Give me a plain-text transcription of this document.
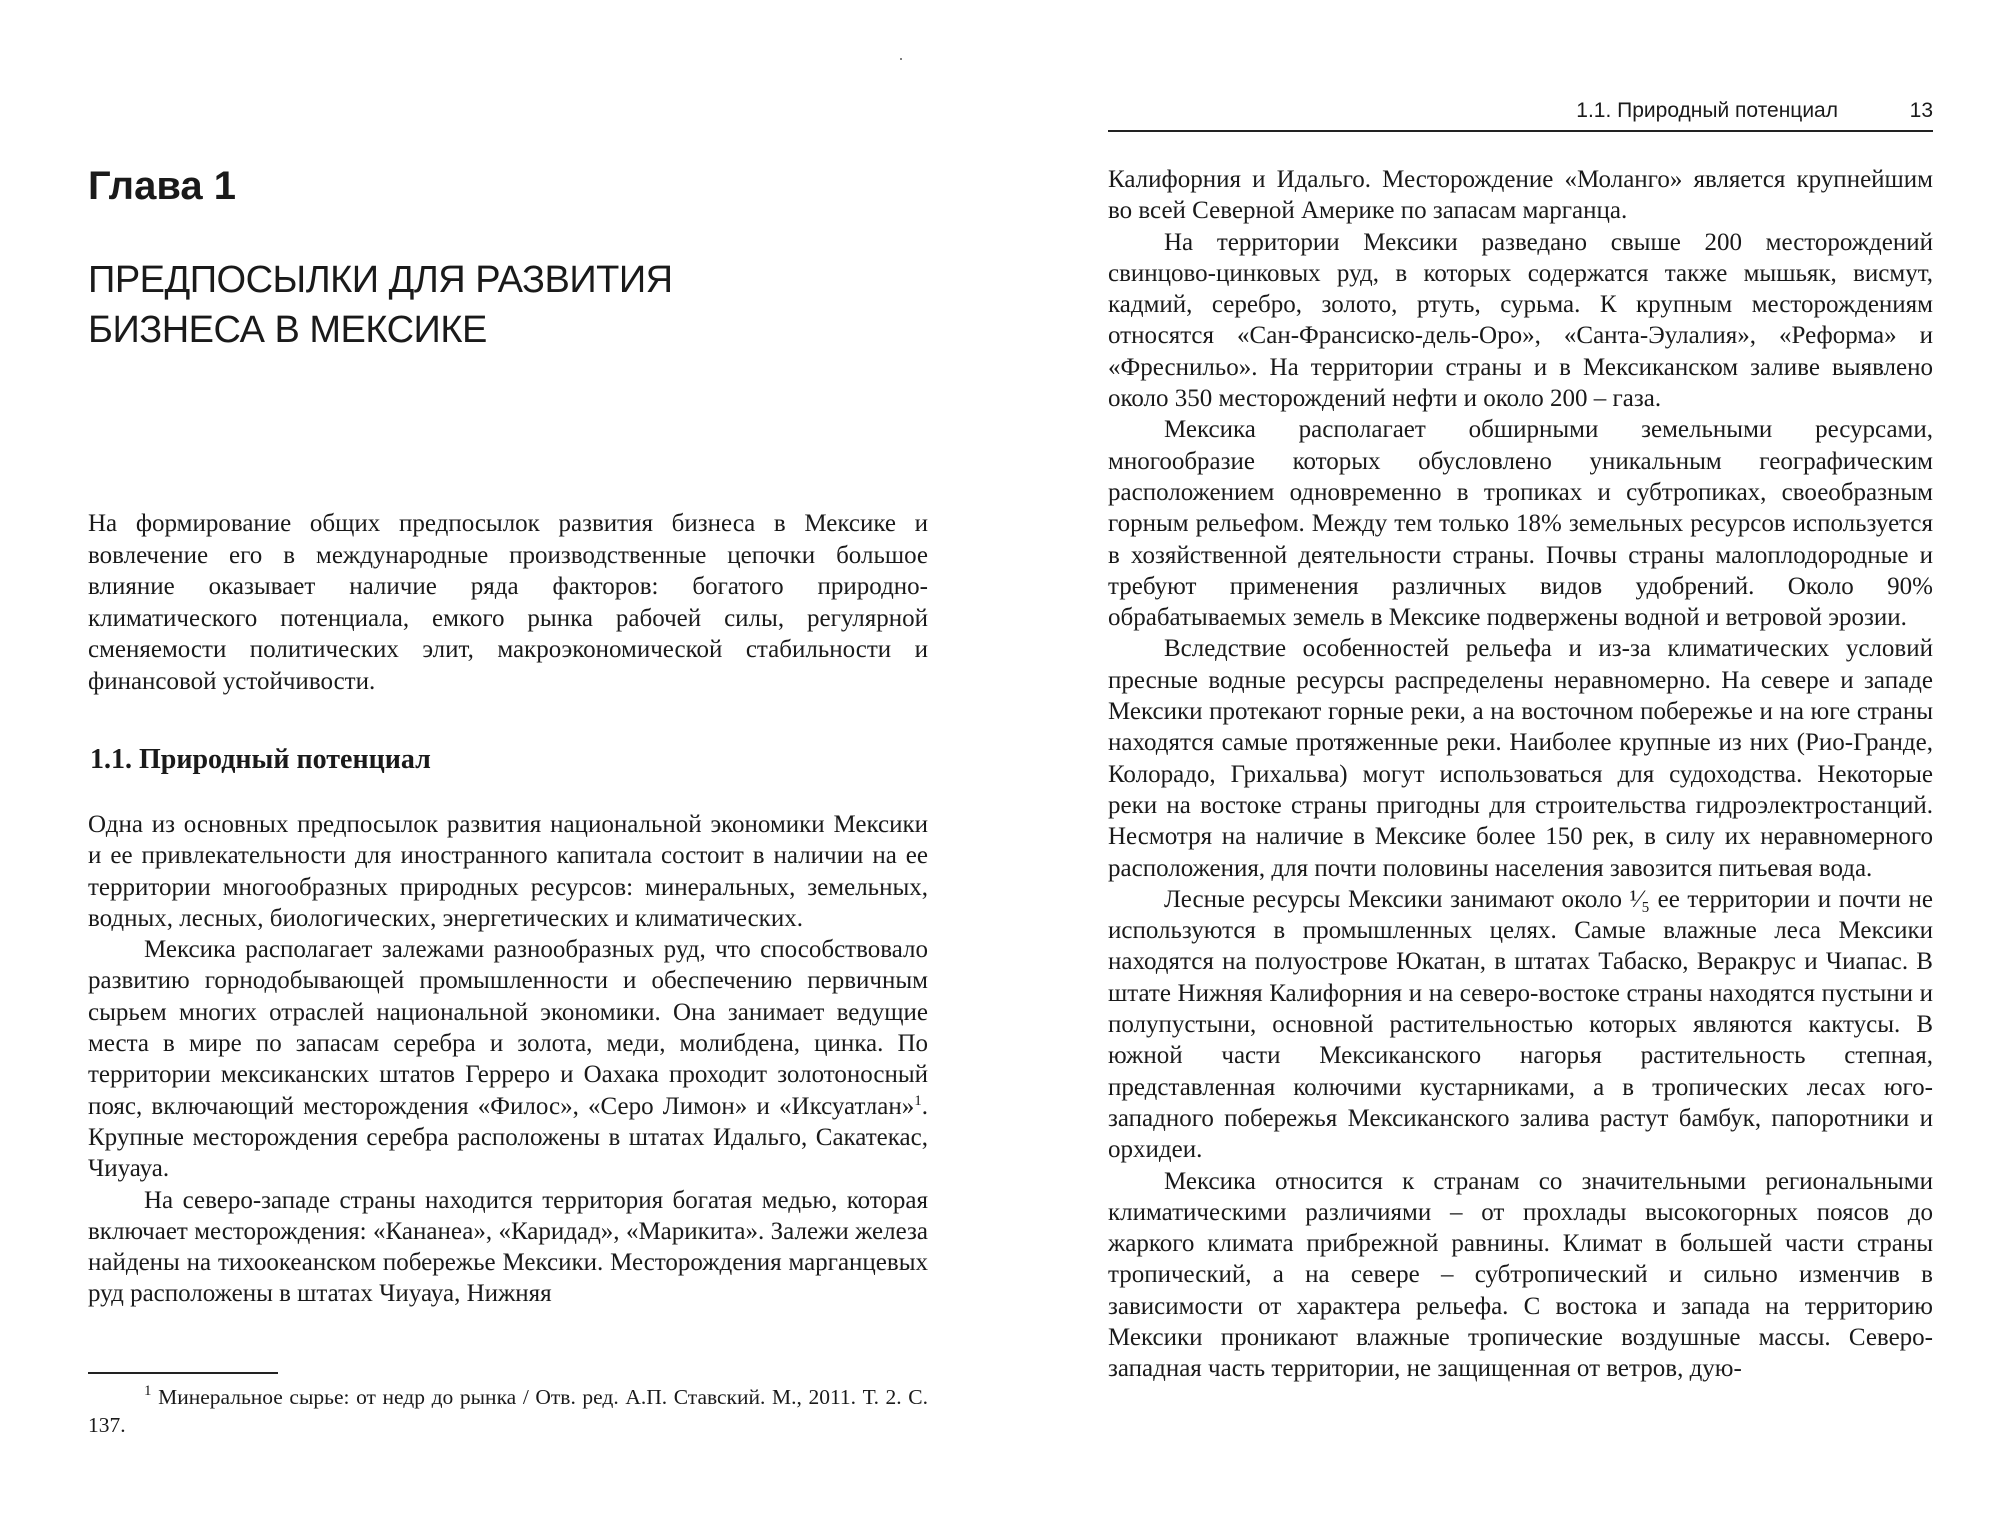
Глава 1
ПРЕДПОСЫЛКИ ДЛЯ РАЗВИТИЯ БИЗНЕСА В МЕКСИКЕ

На формирование общих предпосылок развития бизнеса в Мексике и вовлечение его в международные производственные цепочки большое влияние оказывает наличие ряда факторов: богатого природно-климатического потенциала, емкого рынка рабочей силы, регулярной сменяемости политических элит, макроэкономической стабильности и финансовой устойчивости.

1.1. Природный потенциал

Одна из основных предпосылок развития национальной экономики Мексики и ее привлекательности для иностранного капитала состоит в наличии на ее территории многообразных природных ресурсов: минеральных, земельных, водных, лесных, биологических, энергетических и климатических.

Мексика располагает залежами разнообразных руд, что способствовало развитию горнодобывающей промышленности и обеспечению первичным сырьем многих отраслей национальной экономики. Она занимает ведущие места в мире по запасам серебра и золота, меди, молибдена, цинка. По территории мексиканских штатов Герреро и Оахака проходит золотоносный пояс, включающий месторождения «Филос», «Серо Лимон» и «Иксуатлан»$^1$. Крупные месторождения серебра расположены в штатах Идальго, Сакатекас, Чиуауа.

На северо-западе страны находится территория богатая медью, которая включает месторождения: «Кананеа», «Каридад», «Марикита». Залежи железа найдены на тихоокеанском побережье Мексики. Месторождения марганцевых руд расположены в штатах Чиуауа, Нижняя

$^1$ Минеральное сырье: от недр до рынка / Отв. ред. А.П. Ставский. М., 2011. Т. 2. С. 137.

1.1. Природный потенциал	13

Калифорния и Идальго. Месторождение «Моланго» является крупнейшим во всей Северной Америке по запасам марганца.

На территории Мексики разведано свыше 200 месторождений свинцово-цинковых руд, в которых содержатся также мышьяк, висмут, кадмий, серебро, золото, ртуть, сурьма. К крупным месторождениям относятся «Сан-Франсиско-дель-Оро», «Санта-Эулалия», «Реформа» и «Фреснильо». На территории страны и в Мексиканском заливе выявлено около 350 месторождений нефти и около 200 – газа.

Мексика располагает обширными земельными ресурсами, многообразие которых обусловлено уникальным географическим расположением одновременно в тропиках и субтропиках, своеобразным горным рельефом. Между тем только 18% земельных ресурсов используется в хозяйственной деятельности страны. Почвы страны малоплодородные и требуют применения различных видов удобрений. Около 90% обрабатываемых земель в Мексике подвержены водной и ветровой эрозии.

Вследствие особенностей рельефа и из-за климатических условий пресные водные ресурсы распределены неравномерно. На севере и западе Мексики протекают горные реки, а на восточном побережье и на юге страны находятся самые протяженные реки. Наиболее крупные из них (Рио-Гранде, Колорадо, Грихальва) могут использоваться для судоходства. Некоторые реки на востоке страны пригодны для строительства гидроэлектростанций. Несмотря на наличие в Мексике более 150 рек, в силу их неравномерного расположения, для почти половины населения завозится питьевая вода.

Лесные ресурсы Мексики занимают около ¹⁄₅ ее территории и почти не используются в промышленных целях. Самые влажные леса Мексики находятся на полуострове Юкатан, в штатах Табаско, Веракрус и Чиапас. В штате Нижняя Калифорния и на северо-востоке страны находятся пустыни и полупустыни, основной растительностью которых являются кактусы. В южной части Мексиканского нагорья растительность степная, представленная колючими кустарниками, а в тропических лесах юго-западного побережья Мексиканского залива растут бамбук, папоротники и орхидеи.

Мексика относится к странам со значительными региональными климатическими различиями – от прохлады высокогорных поясов до жаркого климата прибрежной равнины. Климат в большей части страны тропический, а на севере – субтропический и сильно изменчив в зависимости от характера рельефа. С востока и запада на территорию Мексики проникают влажные тропические воздушные массы. Северо-западная часть территории, не защищенная от ветров, дую-
